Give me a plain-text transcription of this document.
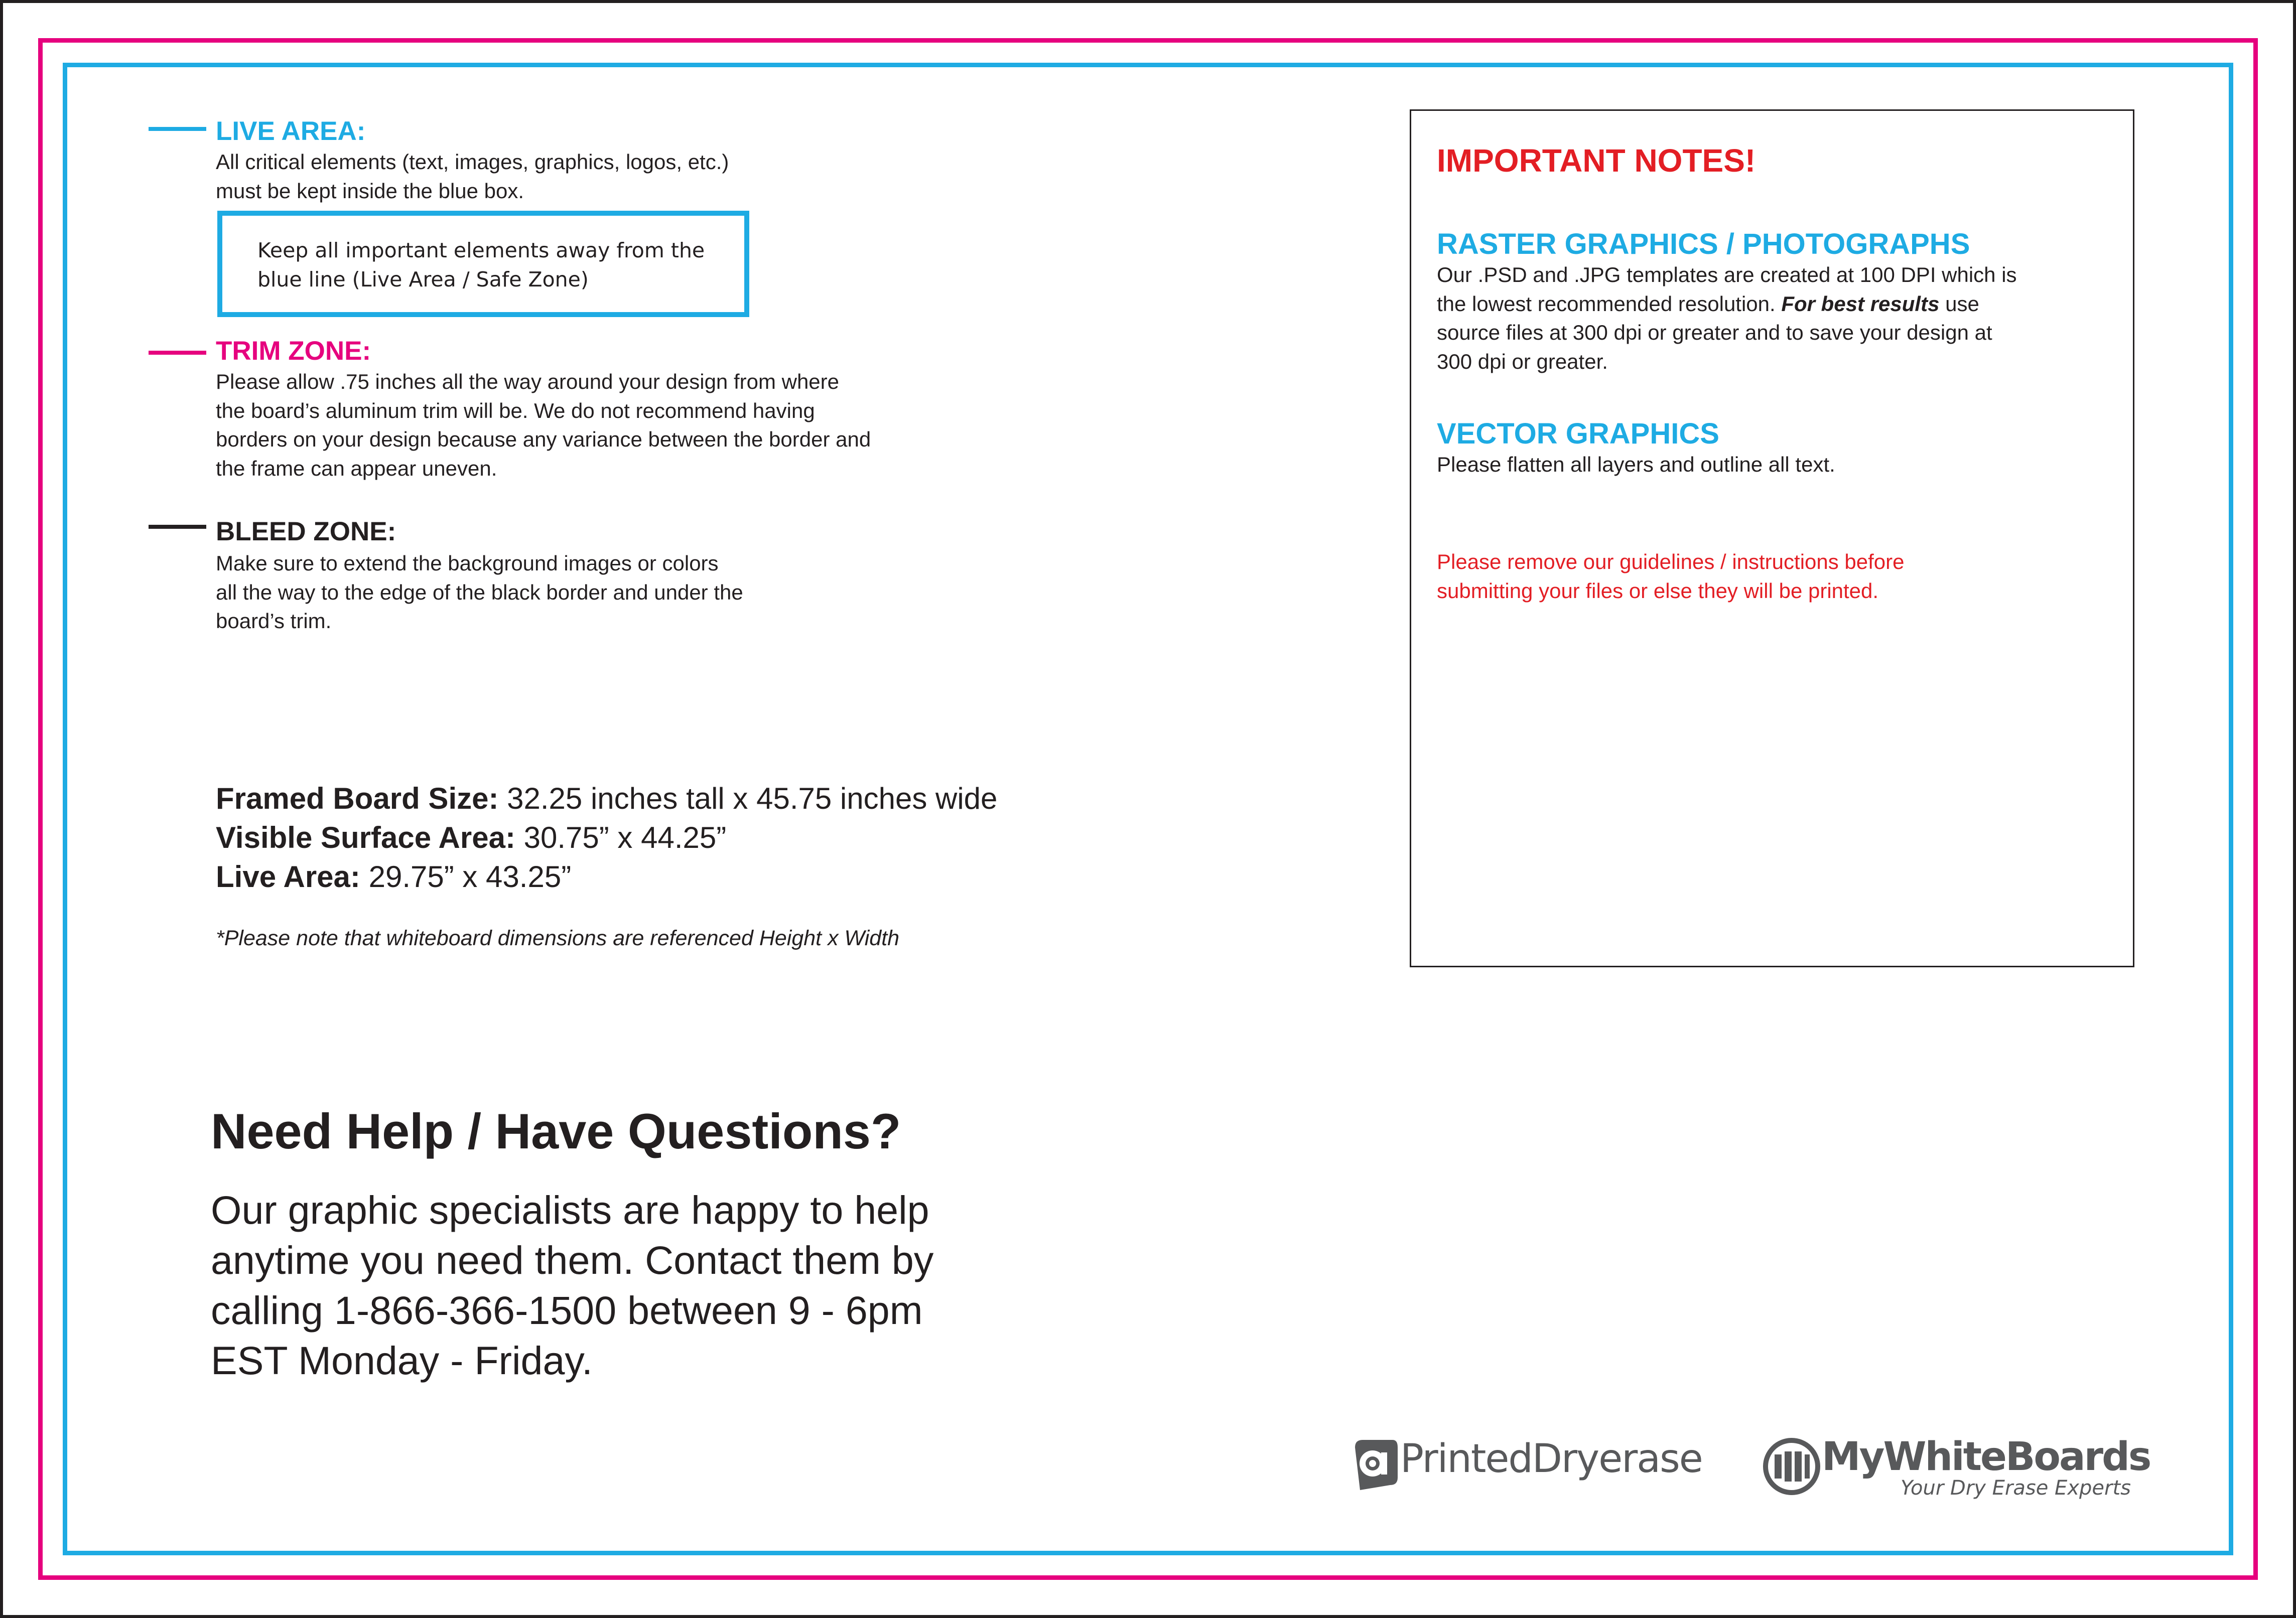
LIVE AREA:
All critical elements (text, images, graphics, logos, etc.)
must be kept inside the blue box.
Keep all important elements away from the
blue line (Live Area / Safe Zone)
TRIM ZONE:
Please allow .75 inches all the way around your design from where
the board’s aluminum trim will be. We do not recommend having
borders on your design because any variance between the border and
the frame can appear uneven.
BLEED ZONE:
Make sure to extend the background images or colors
all the way to the edge of the black border and under the
board’s trim.
Framed Board Size: 32.25 inches tall x 45.75 inches wide
Visible Surface Area: 30.75” x 44.25”
Live Area: 29.75” x 43.25”
*Please note that whiteboard dimensions are referenced Height x Width
Need Help / Have Questions?
Our graphic specialists are happy to help
anytime you need them. Contact them by
calling 1-866-366-1500 between 9 - 6pm
EST Monday - Friday.
IMPORTANT NOTES!
RASTER GRAPHICS / PHOTOGRAPHS
Our .PSD and .JPG templates are created at 100 DPI which is
the lowest recommended resolution. For best results use
source files at 300 dpi or greater and to save your design at
300 dpi or greater.
VECTOR GRAPHICS
Please flatten all layers and outline all text.
Please remove our guidelines / instructions before
submitting your files or else they will be printed.
PrintedDryerase	MyWhiteBoards
Your Dry Erase Experts
